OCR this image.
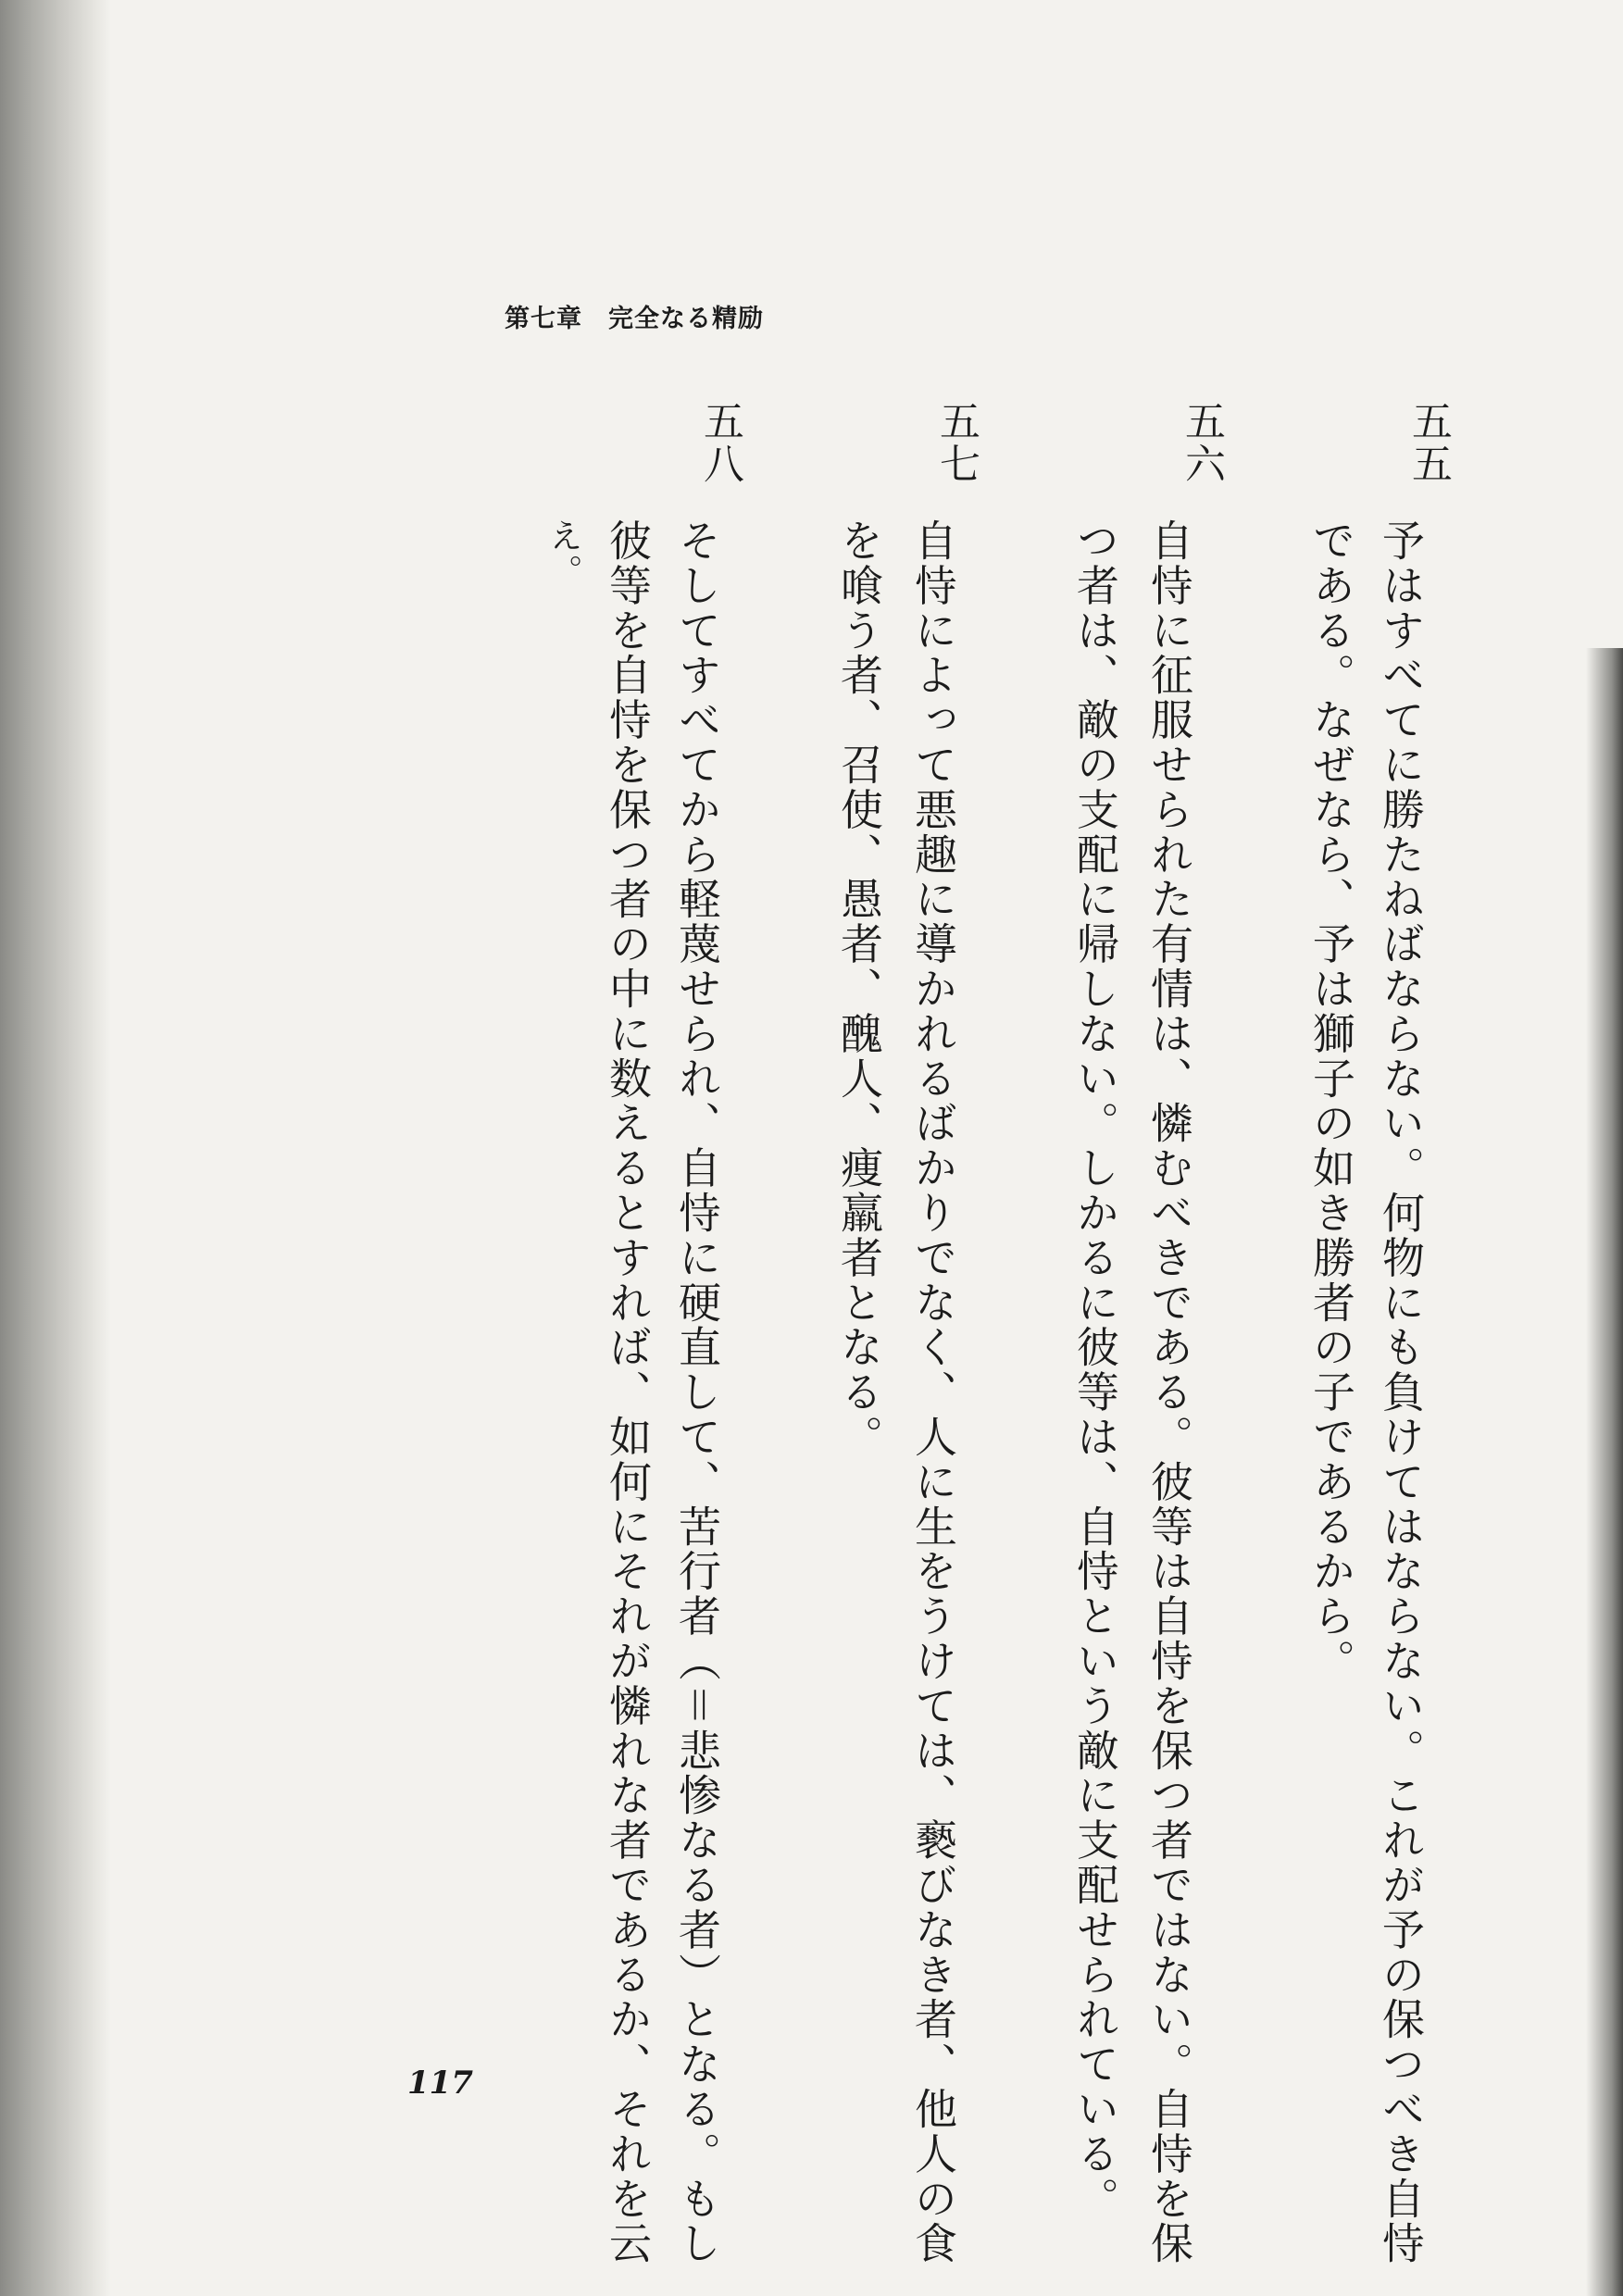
第七章　完全なる精励
五五
予はすべてに勝たねばならない。何物にも負けてはならない。これが予の保つべき自恃
である。なぜなら、予は獅子の如き勝者の子であるから。
五六
自恃に征服せられた有情は、憐むべきである。彼等は自恃を保つ者ではない。自恃を保
つ者は、敵の支配に帰しない。しかるに彼等は、自恃という敵に支配せられている。
五七
自恃によって悪趣に導かれるばかりでなく、人に生をうけては、褻びなき者、他人の食
を喰う者、召使、愚者、醜人、痩羸者となる。
五八
そしてすべてから軽蔑せられ、自恃に硬直して、苦行者（＝悲惨なる者）となる。もし
彼等を自恃を保つ者の中に数えるとすれば、如何にそれが憐れな者であるか、それを云
え。
117
